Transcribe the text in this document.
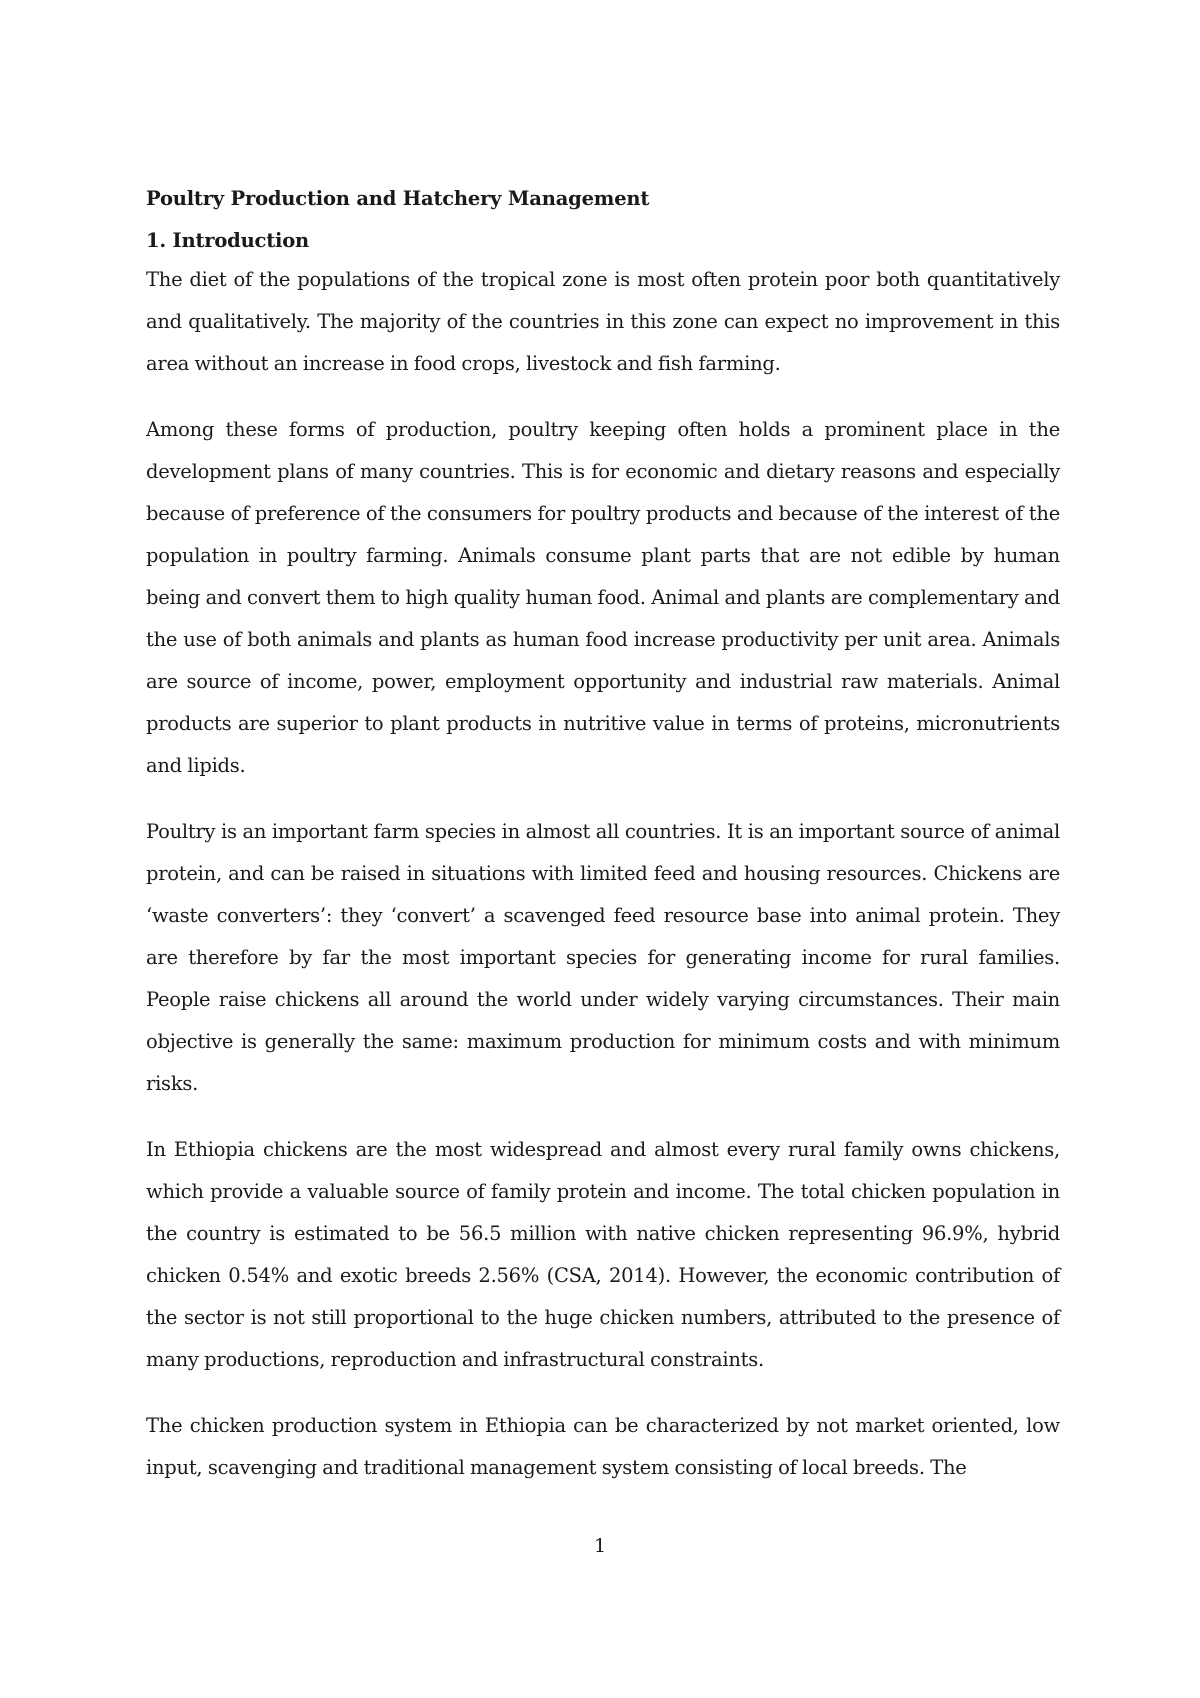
Poultry Production and Hatchery Management
1. Introduction

The diet of the populations of the tropical zone is most often protein poor both quantitatively and qualitatively. The majority of the countries in this zone can expect no improvement in this area without an increase in food crops, livestock and fish farming.

Among these forms of production, poultry keeping often holds a prominent place in the development plans of many countries. This is for economic and dietary reasons and especially because of preference of the consumers for poultry products and because of the interest of the population in poultry farming. Animals consume plant parts that are not edible by human being and convert them to high quality human food. Animal and plants are complementary and the use of both animals and plants as human food increase productivity per unit area. Animals are source of income, power, employment opportunity and industrial raw materials. Animal products are superior to plant products in nutritive value in terms of proteins, micronutrients and lipids.

Poultry is an important farm species in almost all countries. It is an important source of animal protein, and can be raised in situations with limited feed and housing resources. Chickens are ‘waste converters’: they ‘convert’ a scavenged feed resource base into animal protein. They are therefore by far the most important species for generating income for rural families. People raise chickens all around the world under widely varying circumstances. Their main objective is generally the same: maximum production for minimum costs and with minimum risks.

In Ethiopia chickens are the most widespread and almost every rural family owns chickens, which provide a valuable source of family protein and income. The total chicken population in the country is estimated to be 56.5 million with native chicken representing 96.9%, hybrid chicken 0.54% and exotic breeds 2.56% (CSA, 2014). However, the economic contribution of the sector is not still proportional to the huge chicken numbers, attributed to the presence of many productions, reproduction and infrastructural constraints.

The chicken production system in Ethiopia can be characterized by not market oriented, low input, scavenging and traditional management system consisting of local breeds. The

1
